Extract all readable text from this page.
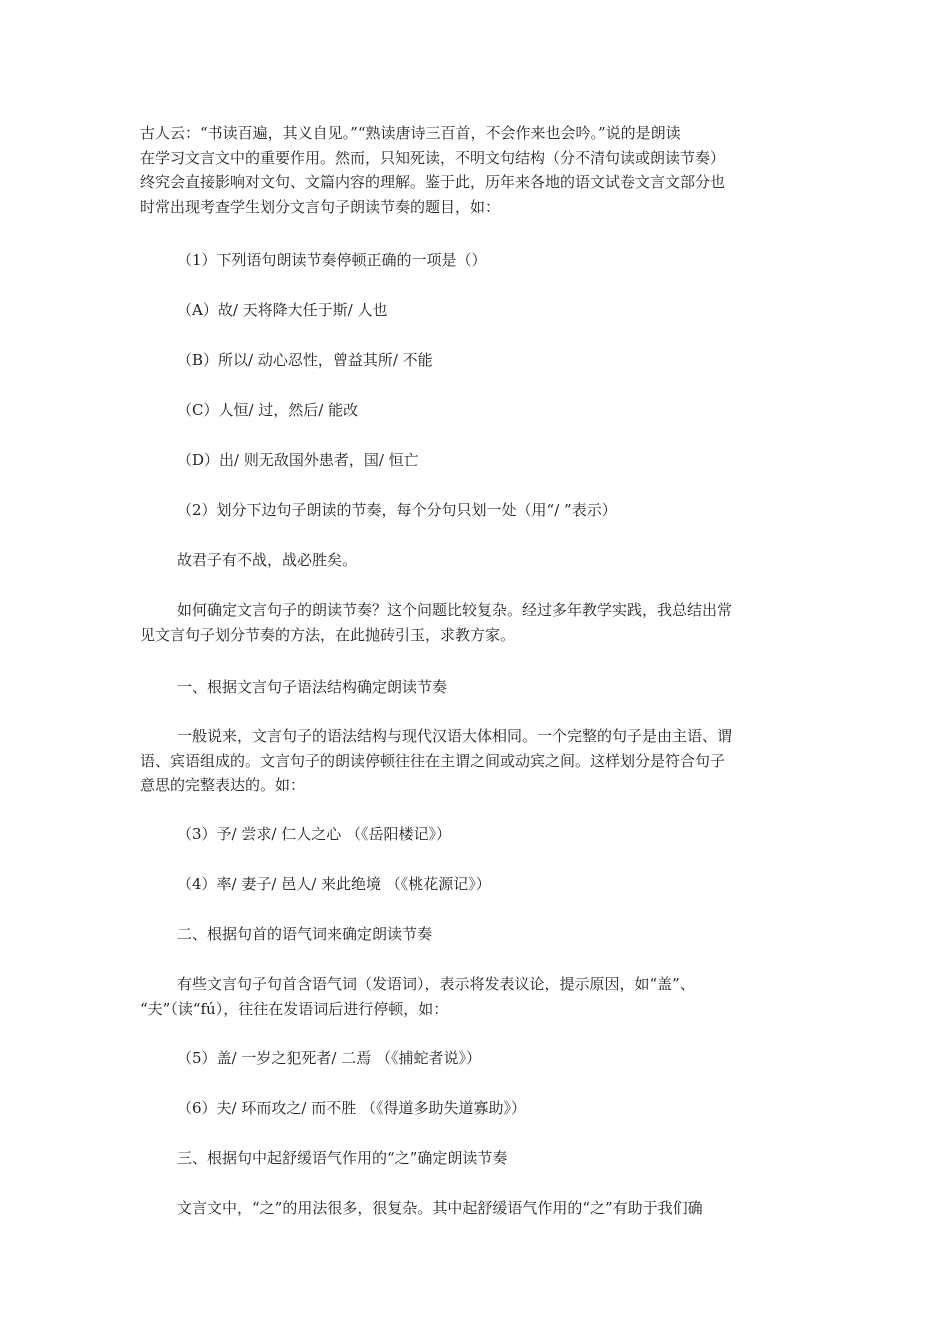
古人云：“书读百遍，其义自见。”“熟读唐诗三百首，不会作来也会吟。”说的是朗读

在学习文言文中的重要作用。然而，只知死读，不明文句结构（分不清句读或朗读节奏）

终究会直接影响对文句、文篇内容的理解。鉴于此，历年来各地的语文试卷文言文部分也

时常出现考查学生划分文言句子朗读节奏的题目，如：

（1）下列语句朗读节奏停顿正确的一项是（）

（A）故/ 天将降大任于斯/ 人也

（B）所以/ 动心忍性，曾益其所/ 不能

（C）人恒/ 过，然后/ 能改

（D）出/ 则无敌国外患者，国/ 恒亡

（2）划分下边句子朗读的节奏，每个分句只划一处（用“/ ”表示）

故君子有不战，战必胜矣。

如何确定文言句子的朗读节奏？这个问题比较复杂。经过多年教学实践，我总结出常

见文言句子划分节奏的方法，在此抛砖引玉，求教方家。

一、根据文言句子语法结构确定朗读节奏

一般说来，文言句子的语法结构与现代汉语大体相同。一个完整的句子是由主语、谓

语、宾语组成的。文言句子的朗读停顿往往在主谓之间或动宾之间。这样划分是符合句子

意思的完整表达的。如：

（3）予/ 尝求/ 仁人之心 （《岳阳楼记》）
（4）率/ 妻子/ 邑人/ 来此绝境 （《桃花源记》）

二、根据句首的语气词来确定朗读节奏

有些文言句子句首含语气词（发语词），表示将发表议论，提示原因，如“盖”、

“夫”（读“fú），往往在发语词后进行停顿，如：

（5）盖/ 一岁之犯死者/ 二焉 （《捕蛇者说》）
（6）夫/ 环而攻之/ 而不胜 （《得道多助失道寡助》）

三、根据句中起舒缓语气作用的“之”确定朗读节奏

文言文中，“之”的用法很多，很复杂。其中起舒缓语气作用的“之”有助于我们确
